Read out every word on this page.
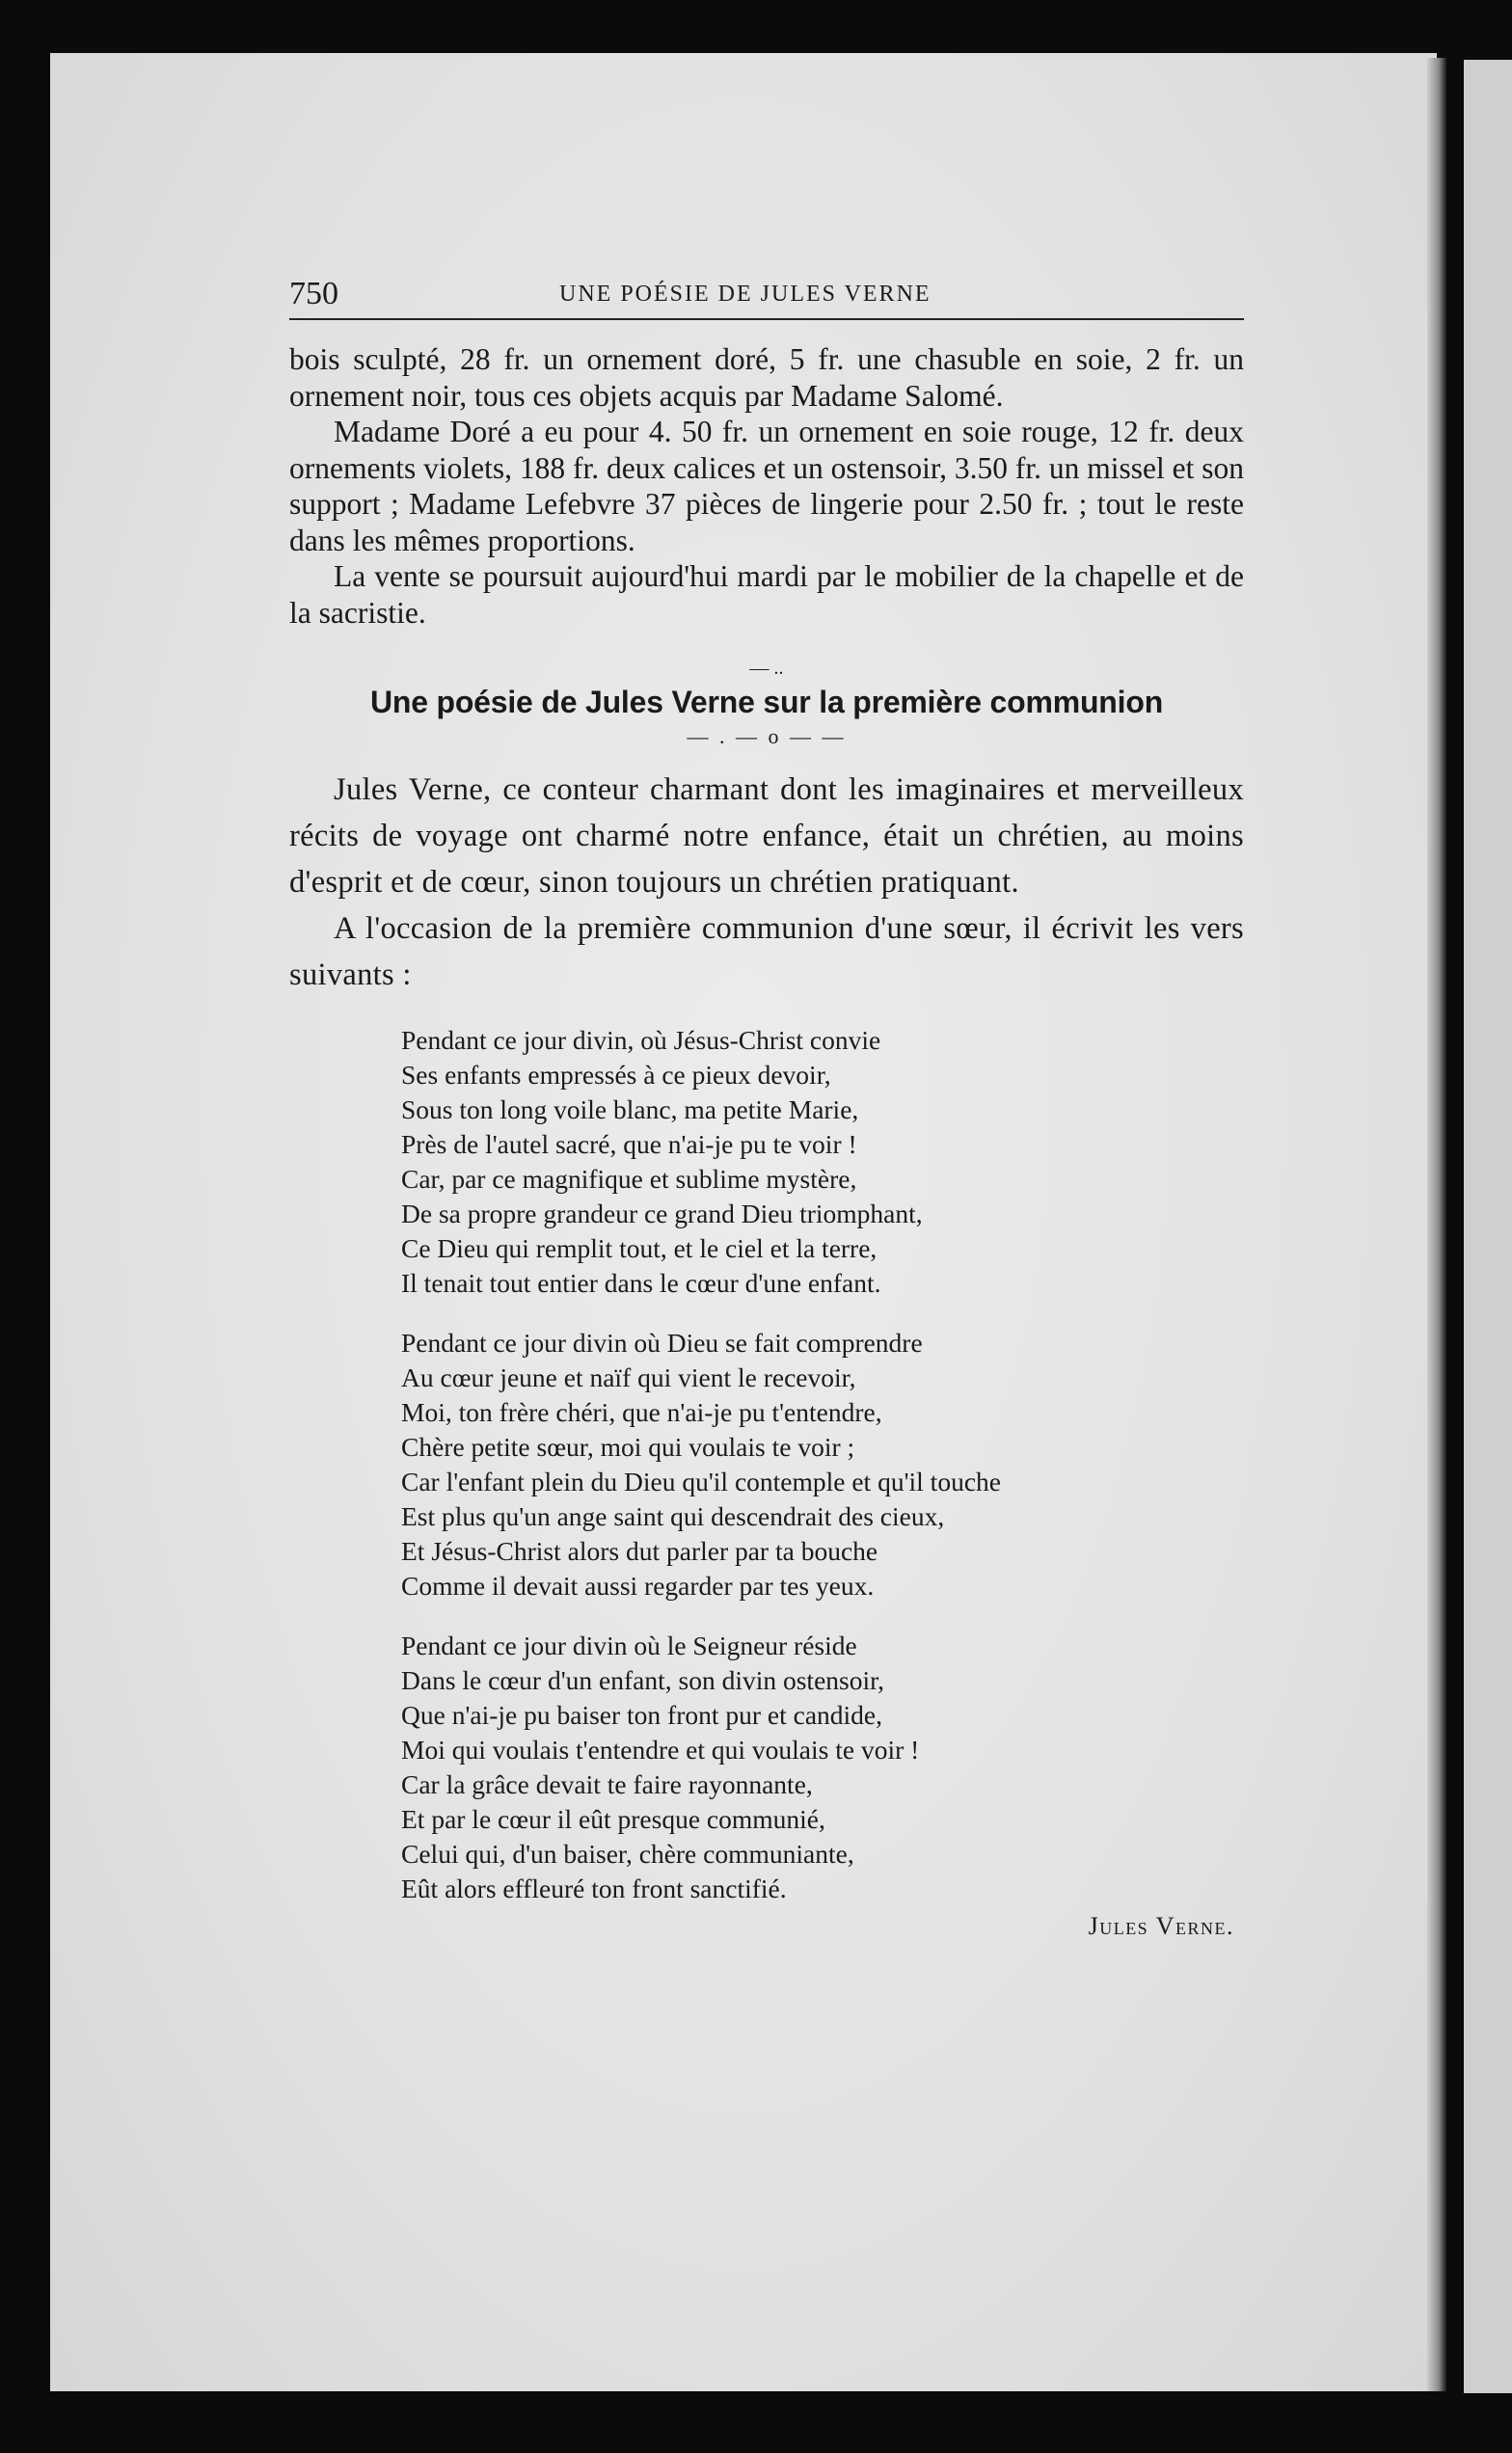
750	UNE POÉSIE DE JULES VERNE

bois sculpté, 28 fr. un ornement doré, 5 fr. une chasuble en soie, 2 fr. un ornement noir, tous ces objets acquis par Madame Salomé.

Madame Doré a eu pour 4. 50 fr. un ornement en soie rouge, 12 fr. deux ornements violets, 188 fr. deux calices et un ostensoir, 3.50 fr. un missel et son support ; Madame Lefebvre 37 pièces de lingerie pour 2.50 fr. ; tout le reste dans les mêmes proportions.

La vente se poursuit aujourd'hui mardi par le mobilier de la chapelle et de la sacristie.

— ..
Une poésie de Jules Verne sur la première communion
— . — o — —

Jules Verne, ce conteur charmant dont les imaginaires et merveilleux récits de voyage ont charmé notre enfance, était un chrétien, au moins d'esprit et de cœur, sinon toujours un chrétien pratiquant.

A l'occasion de la première communion d'une sœur, il écrivit les vers suivants :

Pendant ce jour divin, où Jésus-Christ convie
Ses enfants empressés à ce pieux devoir,
Sous ton long voile blanc, ma petite Marie,
Près de l'autel sacré, que n'ai-je pu te voir !
Car, par ce magnifique et sublime mystère,
De sa propre grandeur ce grand Dieu triomphant,
Ce Dieu qui remplit tout, et le ciel et la terre,
Il tenait tout entier dans le cœur d'une enfant.
Pendant ce jour divin où Dieu se fait comprendre
Au cœur jeune et naïf qui vient le recevoir,
Moi, ton frère chéri, que n'ai-je pu t'entendre,
Chère petite sœur, moi qui voulais te voir ;
Car l'enfant plein du Dieu qu'il contemple et qu'il touche
Est plus qu'un ange saint qui descendrait des cieux,
Et Jésus-Christ alors dut parler par ta bouche
Comme il devait aussi regarder par tes yeux.
Pendant ce jour divin où le Seigneur réside
Dans le cœur d'un enfant, son divin ostensoir,
Que n'ai-je pu baiser ton front pur et candide,
Moi qui voulais t'entendre et qui voulais te voir !
Car la grâce devait te faire rayonnante,
Et par le cœur il eût presque communié,
Celui qui, d'un baiser, chère communiante,
Eût alors effleuré ton front sanctifié.
Jules Verne.
